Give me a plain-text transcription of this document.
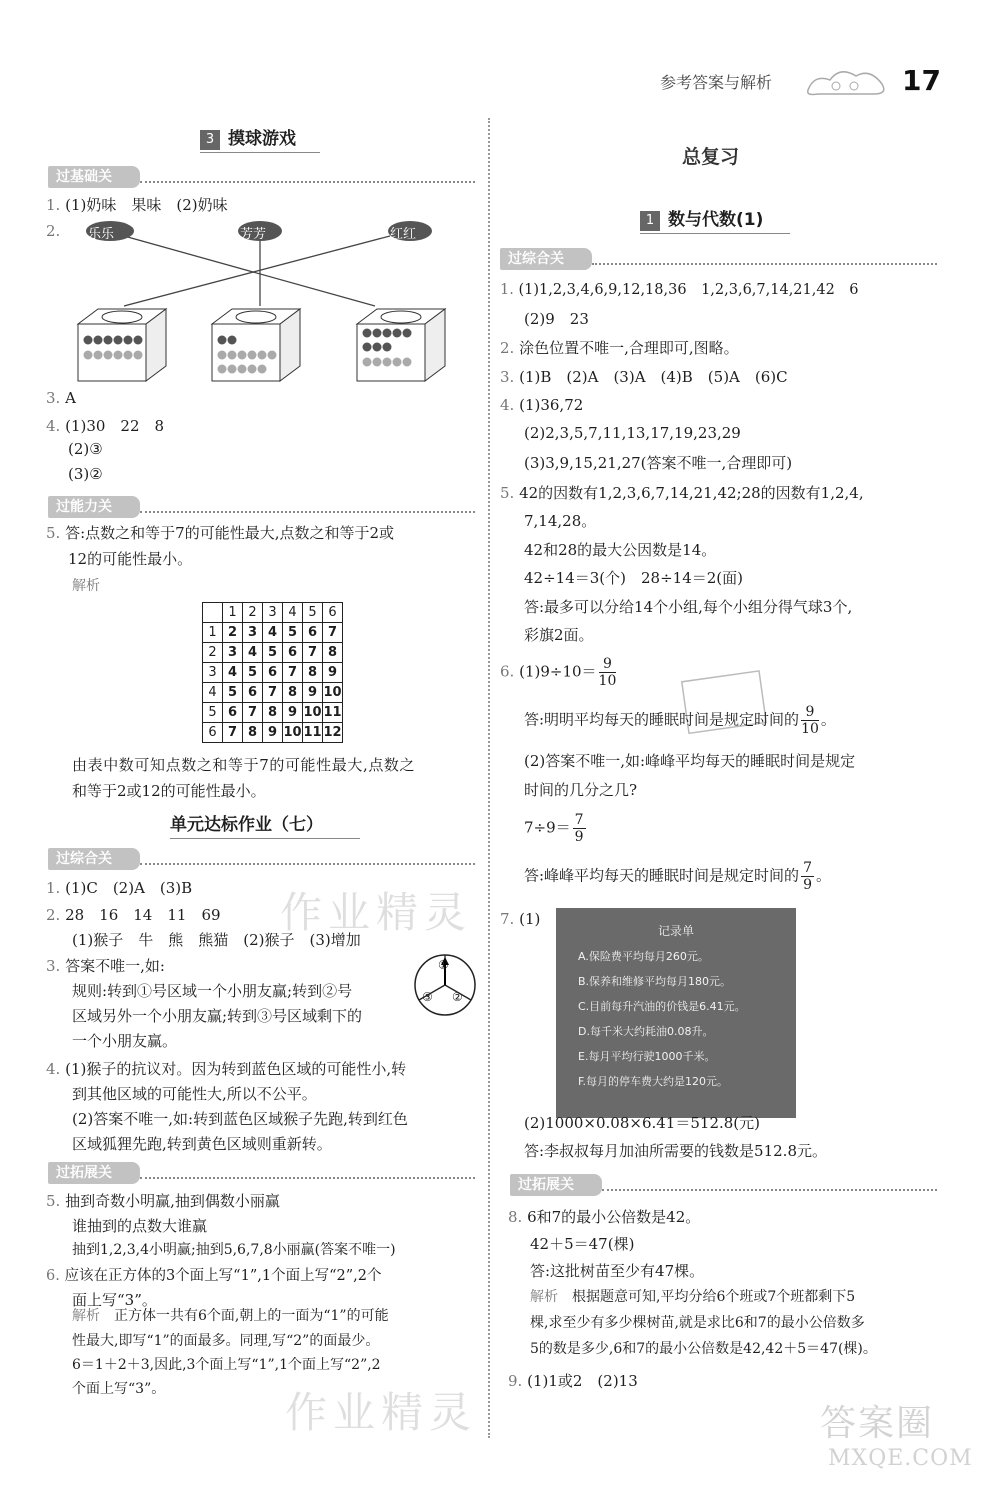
参考答案与解析	17
3 摸球游戏
过基础关
1. (1)奶味　果味　(2)奶味
2. 乐乐	芳芳	红红
3. A
4. (1)30　22　8
(2)③
(3)②
过能力关
5. 答:点数之和等于7的可能性最大,点数之和等于2或
12的可能性最小。
解析
	1	2	3	4	5	6
1	2	3	4	5	6	7
2	3	4	5	6	7	8
3	4	5	6	7	8	9
4	5	6	7	8	9	10
5	6	7	8	9	10	11
6	7	8	9	10	11	12
由表中数可知点数之和等于7的可能性最大,点数之
和等于2或12的可能性最小。
单元达标作业（七）
过综合关
1. (1)C　(2)A　(3)B
2. 28　16　14　11　69
(1)猴子　牛　熊　熊猫　(2)猴子　(3)增加
3. 答案不唯一,如:
规则:转到①号区域一个小朋友赢;转到②号
区域另外一个小朋友赢;转到③号区域剩下的
一个小朋友赢。
①
③ ②
4. (1)猴子的抗议对。因为转到蓝色区域的可能性小,转
到其他区域的可能性大,所以不公平。
(2)答案不唯一,如:转到蓝色区域猴子先跑,转到红色
区域狐狸先跑,转到黄色区域则重新转。
过拓展关
5. 抽到奇数小明赢,抽到偶数小丽赢
谁抽到的点数大谁赢
抽到1,2,3,4小明赢;抽到5,6,7,8小丽赢(答案不唯一)
6. 应该在正方体的3个面上写“1”,1个面上写“2”,2个
面上写“3”。
解析　 正方体一共有6个面,朝上的一面为“1”的可能
性最大,即写“1”的面最多。同理,写“2”的面最少。
6＝1＋2＋3,因此,3个面上写“1”,1个面上写“2”,2
个面上写“3”。
总复习
1 数与代数(1)
过综合关
1. (1)1,2,3,4,6,9,12,18,36　1,2,3,6,7,14,21,42　6
(2)9　23
2. 涂色位置不唯一,合理即可,图略。
3. (1)B　(2)A　(3)A　(4)B　(5)A　(6)C
4. (1)36,72
(2)2,3,5,7,11,13,17,19,23,29
(3)3,9,15,21,27(答案不唯一,合理即可)
5. 42的因数有1,2,3,6,7,14,21,42;28的因数有1,2,4,
7,14,28。
42和28的最大公因数是14。
42÷14＝3(个)　28÷14＝2(面)
答:最多可以分给14个小组,每个小组分得气球3个,
彩旗2面。
6. $(1)9\div 10= \frac{9}{10}$
答:明明平均每天的睡眠时间是规定时间的 $\frac{9}{10}$ 。
(2)答案不唯一,如:峰峰平均每天的睡眠时间是规定
时间的几分之几?
$7\div 9= \frac{7}{9}$
答:峰峰平均每天的睡眠时间是规定时间的 $\frac{7}{9}$ 。
7. (1)
记录单
A.保险费平均每月260元。
B.保养和维修平均每月180元。
C.目前每升汽油的价钱是6.41元。
D.每千米大约耗油0.08升。
E.每月平均行驶1000千米。
F.每月的停车费大约是120元。
(2)1000×0.08×6.41＝512.8(元)
答:李叔叔每月加油所需要的钱数是512.8元。
过拓展关
8. 6和7的最小公倍数是42。
42＋5＝47(棵)
答:这批树苗至少有47棵。
解析　 根据题意可知,平均分给6个班或7个班都剩下5
棵,求至少有多少棵树苗,就是求比6和7的最小公倍数多
5的数是多少,6和7的最小公倍数是42,42＋5＝47(棵)。
9. (1)1或2　(2)13
作业精灵
作业精灵	答案圈
MXQE.COM
